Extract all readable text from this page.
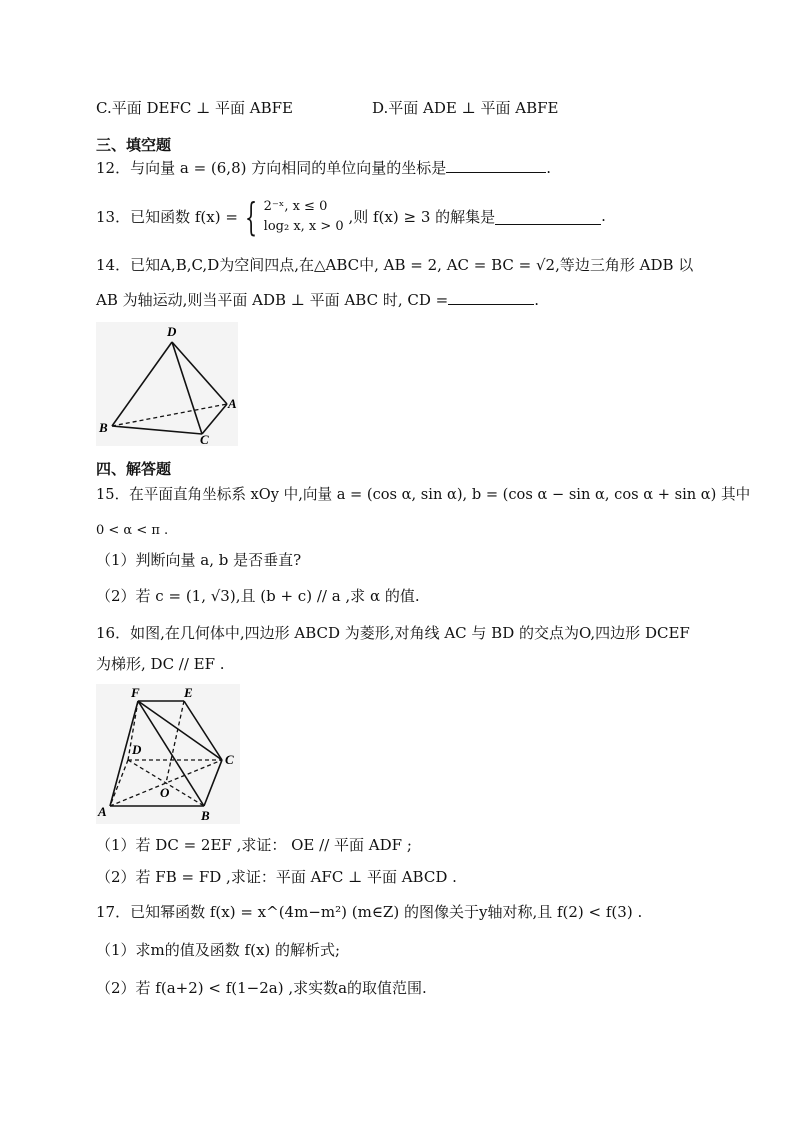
C.平面 DEFC ⊥ 平面 ABFE	D.平面 ADE ⊥ 平面 ABFE
三、填空题
12．与向量 a = (6,8) 方向相同的单位向量的坐标是	.
13．已知函数 f(x) = { 2⁻ˣ, x ≤ 0
log₂ x, x > 0
,则 f(x) ≥ 3 的解集是	.
14．已知A,B,C,D为空间四点,在△ABC中, AB = 2, AC = BC = √2,等边三角形 ADB 以
AB 为轴运动,则当平面 ADB ⊥ 平面 ABC 时, CD =	.
D
A
B
C
四、解答题
15．在平面直角坐标系 xOy 中,向量 a = (cos α, sin α), b = (cos α − sin α, cos α + sin α) 其中
0 < α < π .
（1）判断向量 a, b 是否垂直?
（2）若 c = (1, √3),且 (b + c) // a ,求 α 的值.
16．如图,在几何体中,四边形 ABCD 为菱形,对角线 AC 与 BD 的交点为O,四边形 DCEF
为梯形, DC // EF .
F	E
D
C
O
A	B
（1）若 DC = 2EF ,求证： OE // 平面 ADF ;
（2）若 FB = FD ,求证：平面 AFC ⊥ 平面 ABCD .
17．已知幂函数 f(x) = x^(4m−m²) (m∈Z) 的图像关于y轴对称,且 f(2) < f(3) .
（1）求m的值及函数 f(x) 的解析式;
（2）若 f(a+2) < f(1−2a) ,求实数a的取值范围.
